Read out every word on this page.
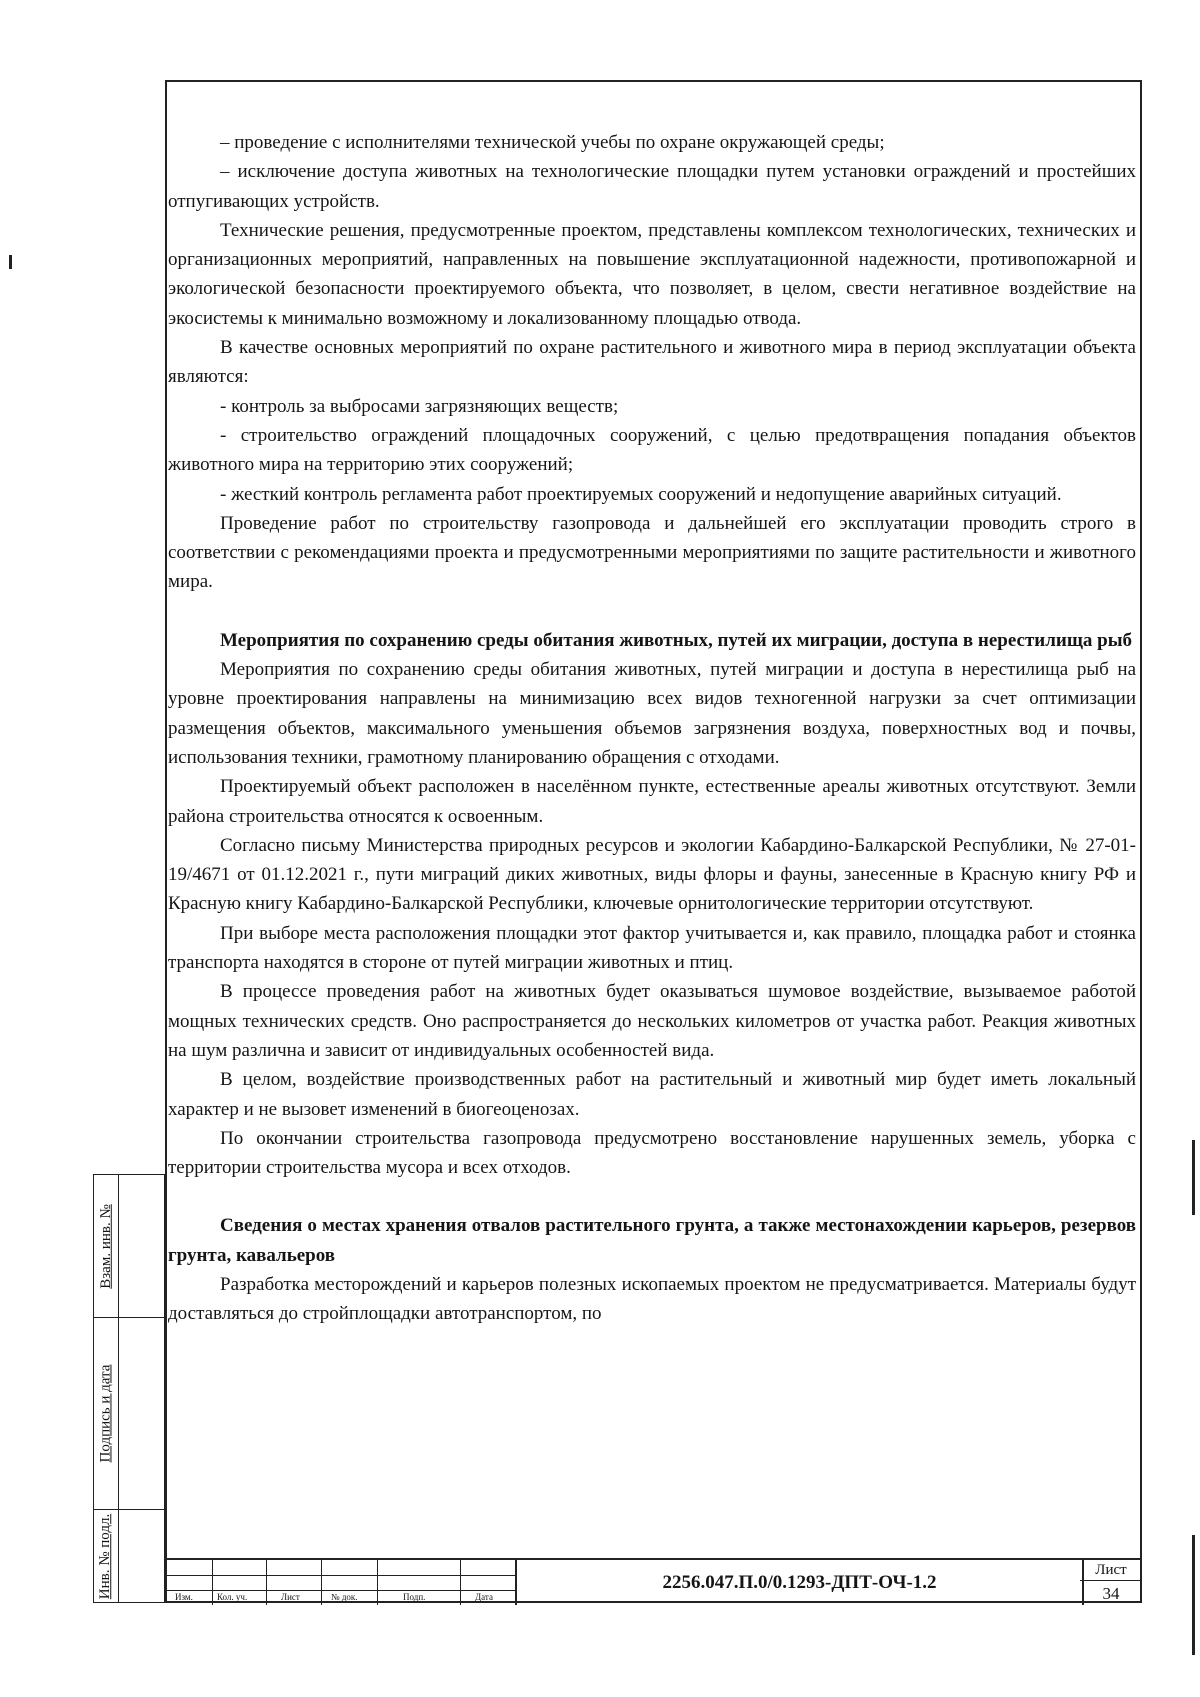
– проведение с исполнителями технической учебы по охране окружающей среды;

– исключение доступа животных на технологические площадки путем установки ограждений и простейших отпугивающих устройств.

Технические решения, предусмотренные проектом, представлены комплексом технологических, технических и организационных мероприятий, направленных на повышение эксплуатационной надежности, противопожарной и экологической безопасности проектируемого объекта, что позволяет, в целом, свести негативное воздействие на экосистемы к минимально возможному и локализованному площадью отвода.

В качестве основных мероприятий по охране растительного и животного мира в период эксплуатации объекта являются:

- контроль за выбросами загрязняющих веществ;

- строительство ограждений площадочных сооружений, с целью предотвращения попадания объектов животного мира на территорию этих сооружений;

- жесткий контроль регламента работ проектируемых сооружений и недопущение аварийных ситуаций.

Проведение работ по строительству газопровода и дальнейшей его эксплуатации проводить строго в соответствии с рекомендациями проекта и предусмотренными мероприятиями по защите растительности и животного мира.

Мероприятия по сохранению среды обитания животных, путей их миграции, доступа в нерестилища рыб

Мероприятия по сохранению среды обитания животных, путей миграции и доступа в нерестилища рыб на уровне проектирования направлены на минимизацию всех видов техногенной нагрузки за счет оптимизации размещения объектов, максимального уменьшения объемов загрязнения воздуха, поверхностных вод и почвы, использования техники, грамотному планированию обращения с отходами.

Проектируемый объект расположен в населённом пункте, естественные ареалы животных отсутствуют. Земли района строительства относятся к освоенным.

Согласно письму Министерства природных ресурсов и экологии Кабардино-Балкарской Республики, № 27-01-19/4671 от 01.12.2021 г., пути миграций диких животных, виды флоры и фауны, занесенные в Красную книгу РФ и Красную книгу Кабардино-Балкарской Республики, ключевые орнитологические территории отсутствуют.

При выборе места расположения площадки этот фактор учитывается и, как правило, площадка работ и стоянка транспорта находятся в стороне от путей миграции животных и птиц.

В процессе проведения работ на животных будет оказываться шумовое воздействие, вызываемое работой мощных технических средств. Оно распространяется до нескольких километров от участка работ. Реакция животных на шум различна и зависит от индивидуальных особенностей вида.

В целом, воздействие производственных работ на растительный и животный мир будет иметь локальный характер и не вызовет изменений в биогеоценозах.

По окончании строительства газопровода предусмотрено восстановление нарушенных земель, уборка с территории строительства мусора и всех отходов.

Сведения о местах хранения отвалов растительного грунта, а также местонахождении карьеров, резервов грунта, кавальеров

Разработка месторождений и карьеров полезных ископаемых проектом не предусматривается. Материалы будут доставляться до стройплощадки автотранспортом, по

Взам. инв. №
Подпись и дата
Инв. № подл.	Изм.	Кол. уч.	Лист	№ док.	Подп.	Дата
2256.047.П.0/0.1293-ДПТ-ОЧ-1.2
Лист
34
